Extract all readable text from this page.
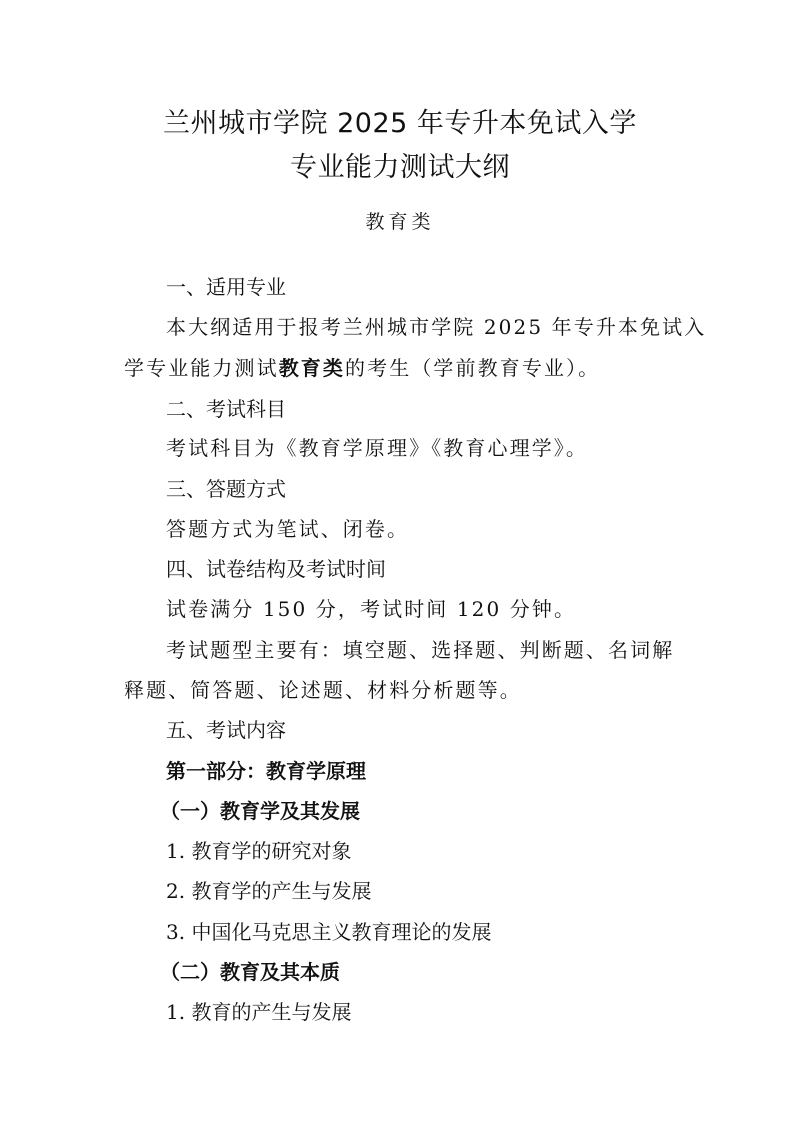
兰州城市学院 2025 年专升本免试入学
专业能力测试大纲
教育类
一、适用专业
本大纲适用于报考兰州城市学院 2025 年专升本免试入
学专业能力测试教育类的考生（学前教育专业）。
二、考试科目
考试科目为《教育学原理》《教育心理学》。
三、答题方式
答题方式为笔试、闭卷。
四、试卷结构及考试时间
试卷满分 150 分，考试时间 120 分钟。
考试题型主要有：填空题、选择题、判断题、名词解
释题、简答题、论述题、材料分析题等。
五、考试内容
第一部分：教育学原理
（一）教育学及其发展
1. 教育学的研究对象
2. 教育学的产生与发展
3. 中国化马克思主义教育理论的发展
（二）教育及其本质
1. 教育的产生与发展
